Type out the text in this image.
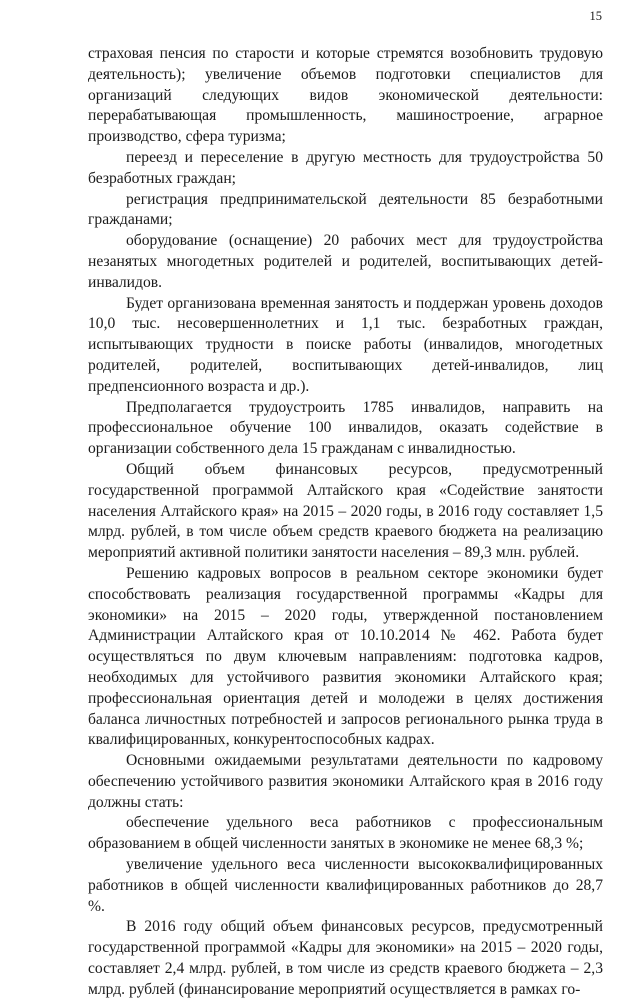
15

страховая пенсия по старости и которые стремятся возобновить трудовую деятельность); увеличение объемов подготовки специалистов для организаций следующих видов экономической деятельности: перерабатывающая промышленность, машиностроение, аграрное производство, сфера туризма;

переезд и переселение в другую местность для трудоустройства 50 безработных граждан;

регистрация предпринимательской деятельности 85 безработными гражданами;

оборудование (оснащение) 20 рабочих мест для трудоустройства незанятых многодетных родителей и родителей, воспитывающих детей-инвалидов.

Будет организована временная занятость и поддержан уровень доходов 10,0 тыс. несовершеннолетних и 1,1 тыс. безработных граждан, испытывающих трудности в поиске работы (инвалидов, многодетных родителей, родителей, воспитывающих детей-инвалидов, лиц предпенсионного возраста и др.).

Предполагается трудоустроить 1785 инвалидов, направить на профессиональное обучение 100 инвалидов, оказать содействие в организации собственного дела 15 гражданам с инвалидностью.

Общий объем финансовых ресурсов, предусмотренный государственной программой Алтайского края «Содействие занятости населения Алтайского края» на 2015 – 2020 годы, в 2016 году составляет 1,5 млрд. рублей, в том числе объем средств краевого бюджета на реализацию мероприятий активной политики занятости населения – 89,3 млн. рублей.

Решению кадровых вопросов в реальном секторе экономики будет способствовать реализация государственной программы «Кадры для экономики» на 2015 – 2020 годы, утвержденной постановлением Администрации Алтайского края от 10.10.2014 № 462. Работа будет осуществляться по двум ключевым направлениям: подготовка кадров, необходимых для устойчивого развития экономики Алтайского края; профессиональная ориентация детей и молодежи в целях достижения баланса личностных потребностей и запросов регионального рынка труда в квалифицированных, конкурентоспособных кадрах.

Основными ожидаемыми результатами деятельности по кадровому обеспечению устойчивого развития экономики Алтайского края в 2016 году должны стать:

обеспечение удельного веса работников с профессиональным образованием в общей численности занятых в экономике не менее 68,3 %;

увеличение удельного веса численности высококвалифицированных работников в общей численности квалифицированных работников до 28,7 %.

В 2016 году общий объем финансовых ресурсов, предусмотренный государственной программой «Кадры для экономики» на 2015 – 2020 годы, составляет 2,4 млрд. рублей, в том числе из средств краевого бюджета – 2,3 млрд. рублей (финансирование мероприятий осуществляется в рамках го-
